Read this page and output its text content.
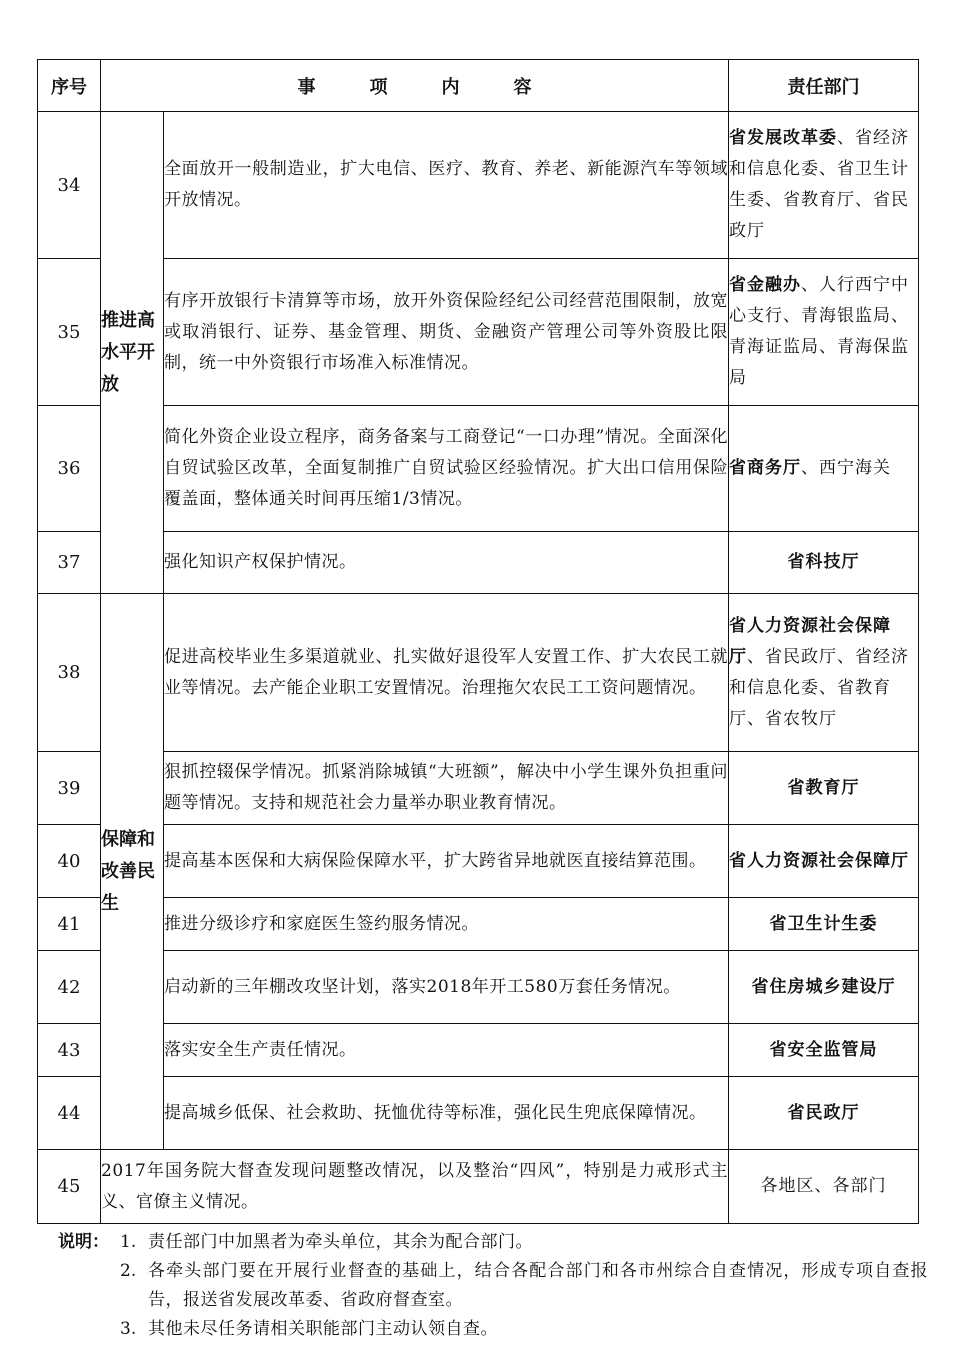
序号	事　项　内　容		责任部门
34	推进高水平开放	全面放开一般制造业，扩大电信、医疗、教育、养老、新能源汽车等领域开放情况。	省发展改革委、省经济和信息化委、省卫生计生委、省教育厅、省民政厅
35		有序开放银行卡清算等市场，放开外资保险经纪公司经营范围限制，放宽或取消银行、证券、基金管理、期货、金融资产管理公司等外资股比限制，统一中外资银行市场准入标准情况。	省金融办、人行西宁中心支行、青海银监局、青海证监局、青海保监局
36		简化外资企业设立程序，商务备案与工商登记“一口办理”情况。全面深化自贸试验区改革，全面复制推广自贸试验区经验情况。扩大出口信用保险覆盖面，整体通关时间再压缩1/3情况。	省商务厅、西宁海关
37		强化知识产权保护情况。	省科技厅
38	保障和改善民生	促进高校毕业生多渠道就业、扎实做好退役军人安置工作、扩大农民工就业等情况。去产能企业职工安置情况。治理拖欠农民工工资问题情况。	省人力资源社会保障厅、省民政厅、省经济和信息化委、省教育厅、省农牧厅
39		狠抓控辍保学情况。抓紧消除城镇“大班额”，解决中小学生课外负担重问题等情况。支持和规范社会力量举办职业教育情况。	省教育厅
40		提高基本医保和大病保险保障水平，扩大跨省异地就医直接结算范围。	省人力资源社会保障厅
41		推进分级诊疗和家庭医生签约服务情况。	省卫生计生委
42		启动新的三年棚改攻坚计划，落实2018年开工580万套任务情况。	省住房城乡建设厅
43		落实安全生产责任情况。	省安全监管局
44		提高城乡低保、社会救助、抚恤优待等标准，强化民生兜底保障情况。	省民政厅
45	2017年国务院大督查发现问题整改情况，以及整治“四风”，特别是力戒形式主义、官僚主义情况。		各地区、各部门
说明： 1. 责任部门中加黑者为牵头单位，其余为配合部门。
2. 各牵头部门要在开展行业督查的基础上，结合各配合部门和各市州综合自查情况，形成专项自查报告，报送省发展改革委、省政府督查室。
3. 其他未尽任务请相关职能部门主动认领自查。
